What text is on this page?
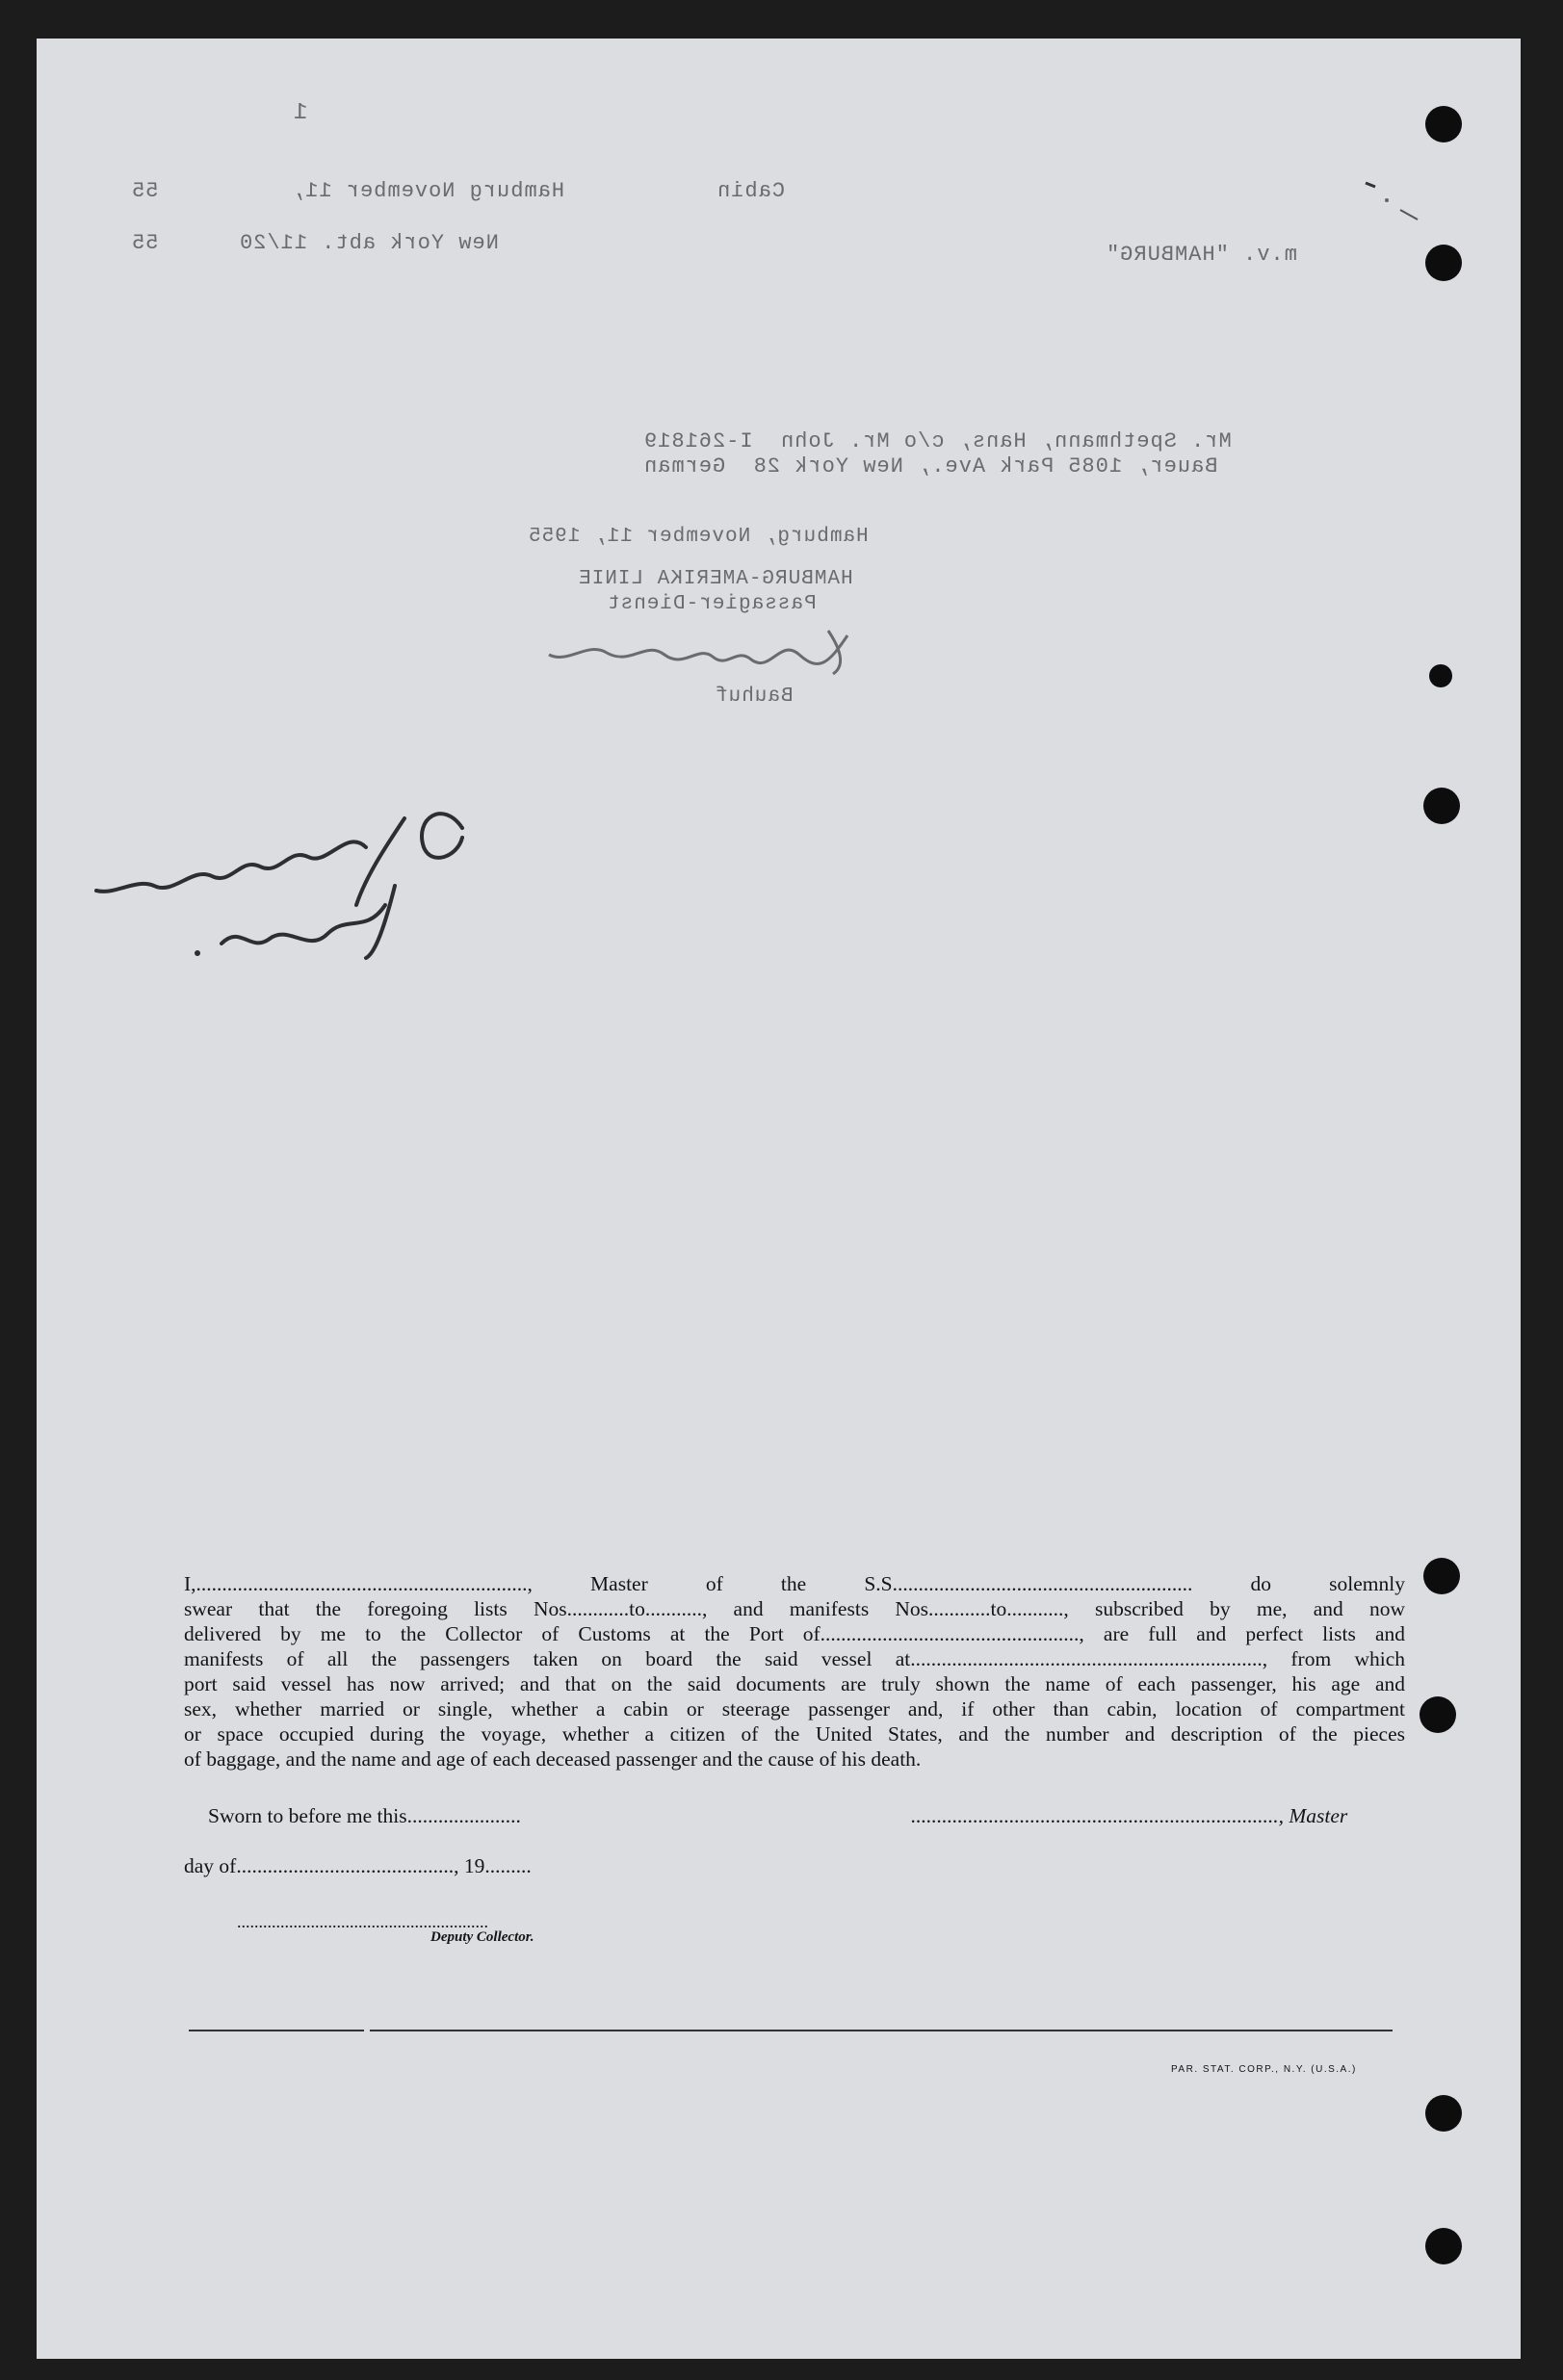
1
55	Hamburg November 11,	Cabin
55	New York abt. 11/20	m.v. "HAMBURG"
Mr. Spethmann, Hans, c/o Mr. John  I-261819
Bauer, 1085 Park Ave., New York 28  German
Hamburg, November 11, 1955
HAMBURG-AMERIKA LINIE
Passagier-Dienst
Bauhuf
I,................................................................, Master of the S.S.......................................................... do solemnly
swear that the foregoing lists Nos............to..........., and manifests Nos............to..........., subscribed by me, and now
delivered by me to the Collector of Customs at the Port of.................................................., are full and perfect lists and
manifests of all the passengers taken on board the said vessel at...................................................................., from which
port said vessel has now arrived; and that on the said documents are truly shown the name of each passenger, his age and
sex, whether married or single, whether a cabin or steerage passenger and, if other than cabin, location of compartment
or space occupied during the voyage, whether a citizen of the United States, and the number and description of the pieces
of baggage, and the name and age of each deceased passenger and the cause of his death.
Sworn to before me this......................	......................................................................., Master
day of.........................................., 19.........
..........................................................
Deputy Collector.
PAR. STAT. CORP., N.Y. (U.S.A.)
